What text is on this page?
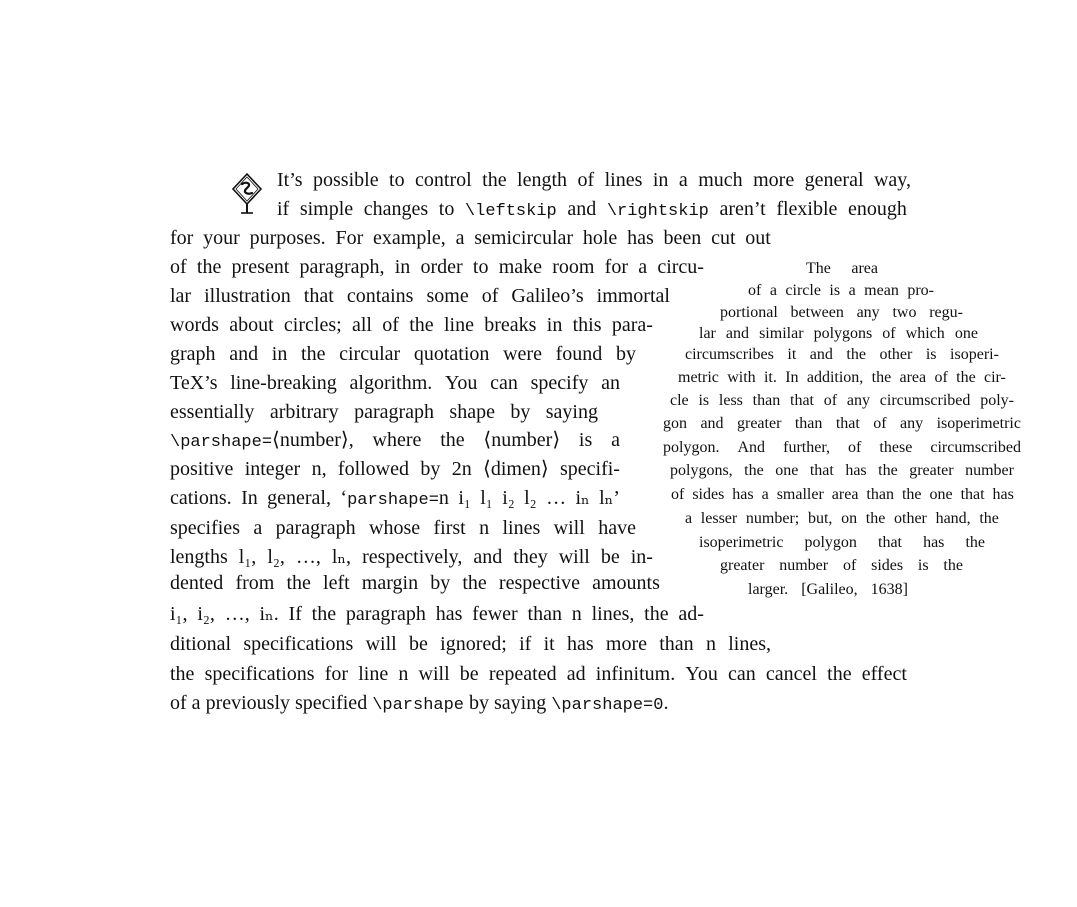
It’s possible to control the length of lines in a much more general way,
if simple changes to \leftskip and \rightskip aren’t flexible enough
for your purposes. For example, a semicircular hole has been cut out
of the present paragraph, in order to make room for a circu-
lar illustration that contains some of Galileo’s immortal
words about circles; all of the line breaks in this para-
graph and in the circular quotation were found by
TeX’s line-breaking algorithm. You can specify an
essentially arbitrary paragraph shape by saying
\parshape=⟨number⟩, where the ⟨number⟩ is a
positive integer n, followed by 2n ⟨dimen⟩ specifi-
cations. In general, ‘parshape=n i₁ l₁ i₂ l₂ … iₙ lₙ’
specifies a paragraph whose first n lines will have
lengths l₁, l₂, …, lₙ, respectively, and they will be in-
dented from the left margin by the respective amounts
i₁, i₂, …, iₙ. If the paragraph has fewer than n lines, the ad-
ditional specifications will be ignored; if it has more than n lines,
the specifications for line n will be repeated ad infinitum. You can cancel the effect
of a previously specified \parshape by saying \parshape=0.
The area
of a circle is a mean pro-
portional between any two regu-
lar and similar polygons of which one
circumscribes it and the other is isoperi-
metric with it. In addition, the area of the cir-
cle is less than that of any circumscribed poly-
gon and greater than that of any isoperimetric
polygon. And further, of these circumscribed
polygons, the one that has the greater number
of sides has a smaller area than the one that has
a lesser number; but, on the other hand, the
isoperimetric polygon that has the
greater number of sides is the
larger. [Galileo, 1638]
